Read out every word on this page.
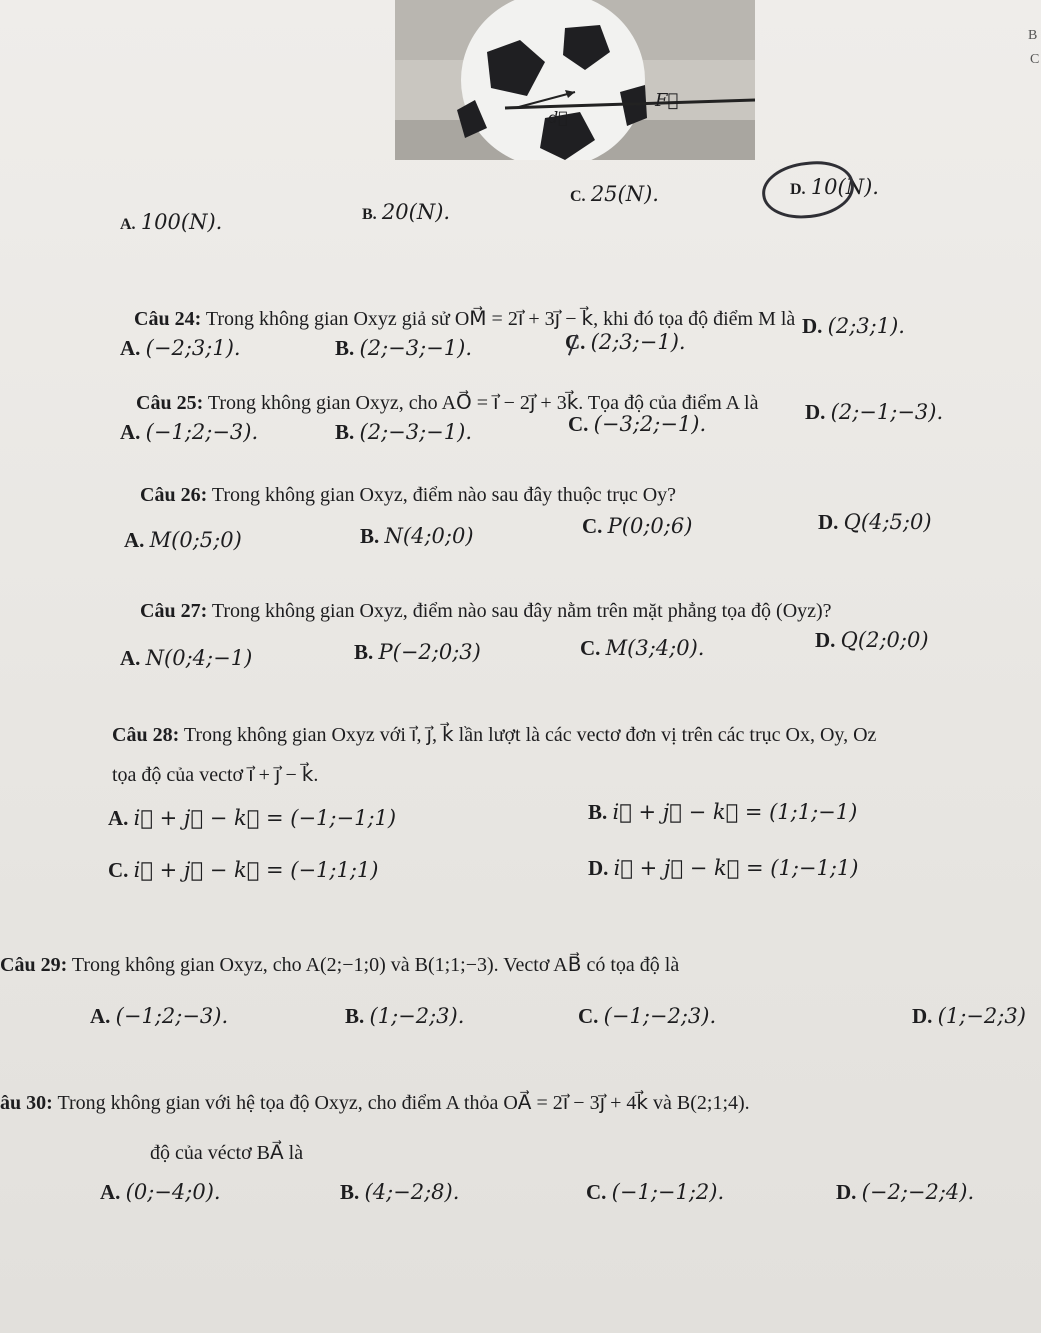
B
C
d⃗
F⃗
A. 100(N).	B. 20(N).
C. 25(N).	D. 10(N).
Câu 24: Trong không gian Oxyz giả sử OM⃗ = 2i⃗ + 3j⃗ − k⃗, khi đó tọa độ điểm M là
A. (−2;3;1).	B. (2;−3;−1).	C. (2;3;−1).
D. (2;3;1).
Câu 25: Trong không gian Oxyz, cho AO⃗ = i⃗ − 2j⃗ + 3k⃗. Tọa độ của điểm A là
A. (−1;2;−3).	B. (2;−3;−1).	C. (−3;2;−1).	D. (2;−1;−3).
Câu 26: Trong không gian Oxyz, điểm nào sau đây thuộc trục Oy?
A. M(0;5;0)	B. N(4;0;0)	C. P(0;0;6)	D. Q(4;5;0)
Câu 27: Trong không gian Oxyz, điểm nào sau đây nằm trên mặt phẳng tọa độ (Oyz)?
A. N(0;4;−1)	B. P(−2;0;3)	C. M(3;4;0).	D. Q(2;0;0)
Câu 28: Trong không gian Oxyz với i⃗, j⃗, k⃗ lần lượt là các vectơ đơn vị trên các trục Ox, Oy, Oz
tọa độ của vectơ i⃗ + j⃗ − k⃗.
A. i⃗ + j⃗ − k⃗ = (−1;−1;1)	B. i⃗ + j⃗ − k⃗ = (1;1;−1)
C. i⃗ + j⃗ − k⃗ = (−1;1;1)	D. i⃗ + j⃗ − k⃗ = (1;−1;1)
Câu 29: Trong không gian Oxyz, cho A(2;−1;0) và B(1;1;−3). Vectơ AB⃗ có tọa độ là
A. (−1;2;−3).	B. (1;−2;3).	C. (−1;−2;3).	D. (1;−2;3)
âu 30: Trong không gian với hệ tọa độ Oxyz, cho điểm A thỏa OA⃗ = 2i⃗ − 3j⃗ + 4k⃗ và B(2;1;4).
độ của véctơ BA⃗ là
A. (0;−4;0).	B. (4;−2;8).	C. (−1;−1;2).	D. (−2;−2;4).
